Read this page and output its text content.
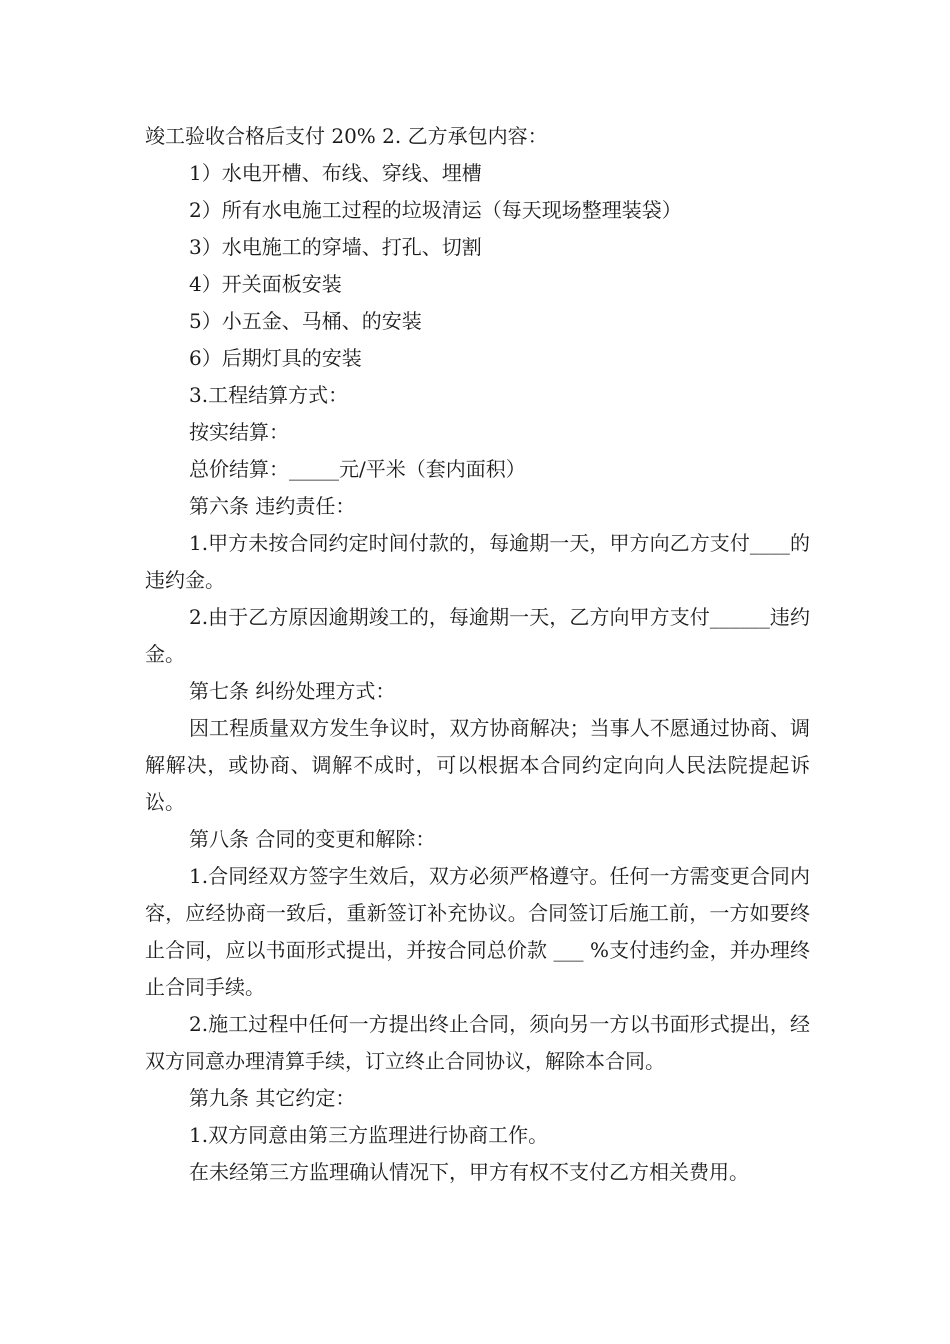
竣工验收合格后支付 20% 2. 乙方承包内容：

1）水电开槽、布线、穿线、埋槽

2）所有水电施工过程的垃圾清运（每天现场整理装袋）

3）水电施工的穿墙、打孔、切割

4）开关面板安装

5）小五金、马桶、的安装

6）后期灯具的安装

3.工程结算方式：

按实结算：

总价结算：_____元/平米（套内面积）

第六条 违约责任：

1.甲方未按合同约定时间付款的，每逾期一天，甲方向乙方支付____的违约金。

2.由于乙方原因逾期竣工的，每逾期一天，乙方向甲方支付______违约金。

第七条 纠纷处理方式：

因工程质量双方发生争议时，双方协商解决；当事人不愿通过协商、调解解决，或协商、调解不成时，可以根据本合同约定向向人民法院提起诉讼。

第八条 合同的变更和解除：

1.合同经双方签字生效后，双方必须严格遵守。任何一方需变更合同内容，应经协商一致后，重新签订补充协议。合同签订后施工前，一方如要终止合同，应以书面形式提出，并按合同总价款 ___ %支付违约金，并办理终止合同手续。

2.施工过程中任何一方提出终止合同，须向另一方以书面形式提出，经双方同意办理清算手续，订立终止合同协议，解除本合同。

第九条 其它约定：

1.双方同意由第三方监理进行协商工作。

在未经第三方监理确认情况下，甲方有权不支付乙方相关费用。
